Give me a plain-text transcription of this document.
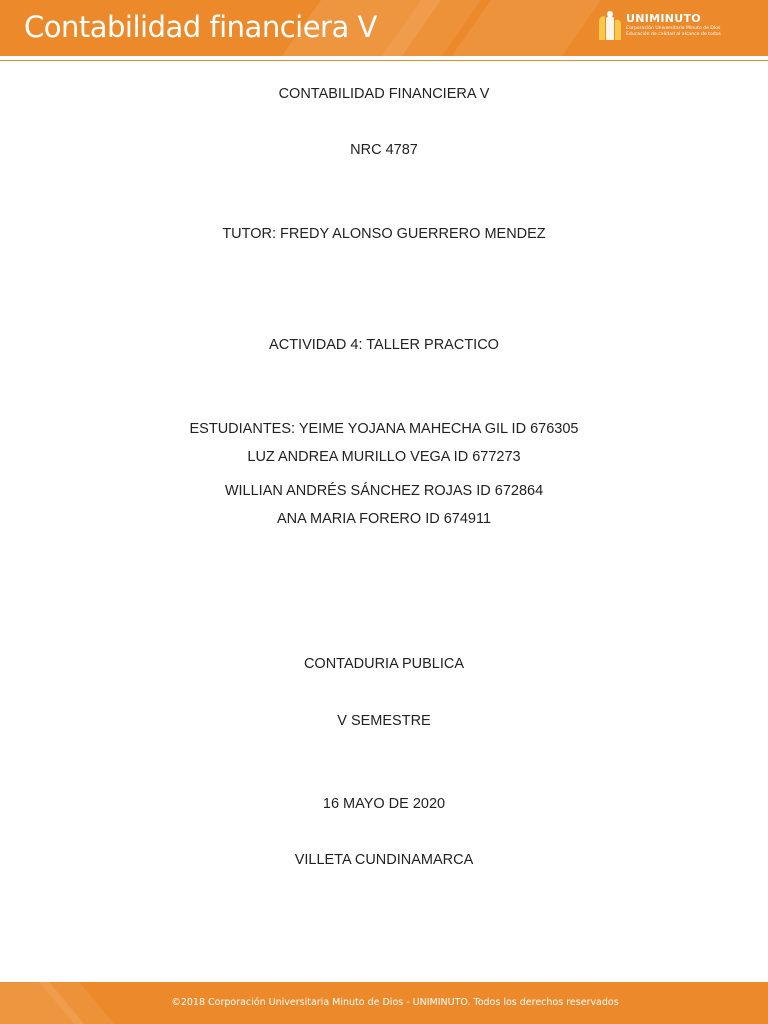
Contabilidad financiera V	UNIMINUTO
Corporación Universitaria Minuto de Dios
Educación de calidad al alcance de todos
CONTABILIDAD FINANCIERA V
NRC 4787
TUTOR: FREDY ALONSO GUERRERO MENDEZ
ACTIVIDAD 4: TALLER PRACTICO
ESTUDIANTES: YEIME YOJANA MAHECHA GIL ID 676305
LUZ ANDREA MURILLO VEGA ID 677273
WILLIAN ANDRÉS SÁNCHEZ ROJAS ID 672864
ANA MARIA FORERO ID 674911
CONTADURIA PUBLICA
V SEMESTRE
16 MAYO DE 2020
VILLETA CUNDINAMARCA
©2018 Corporación Universitaria Minuto de Dios - UNIMINUTO. Todos los derechos reservados
